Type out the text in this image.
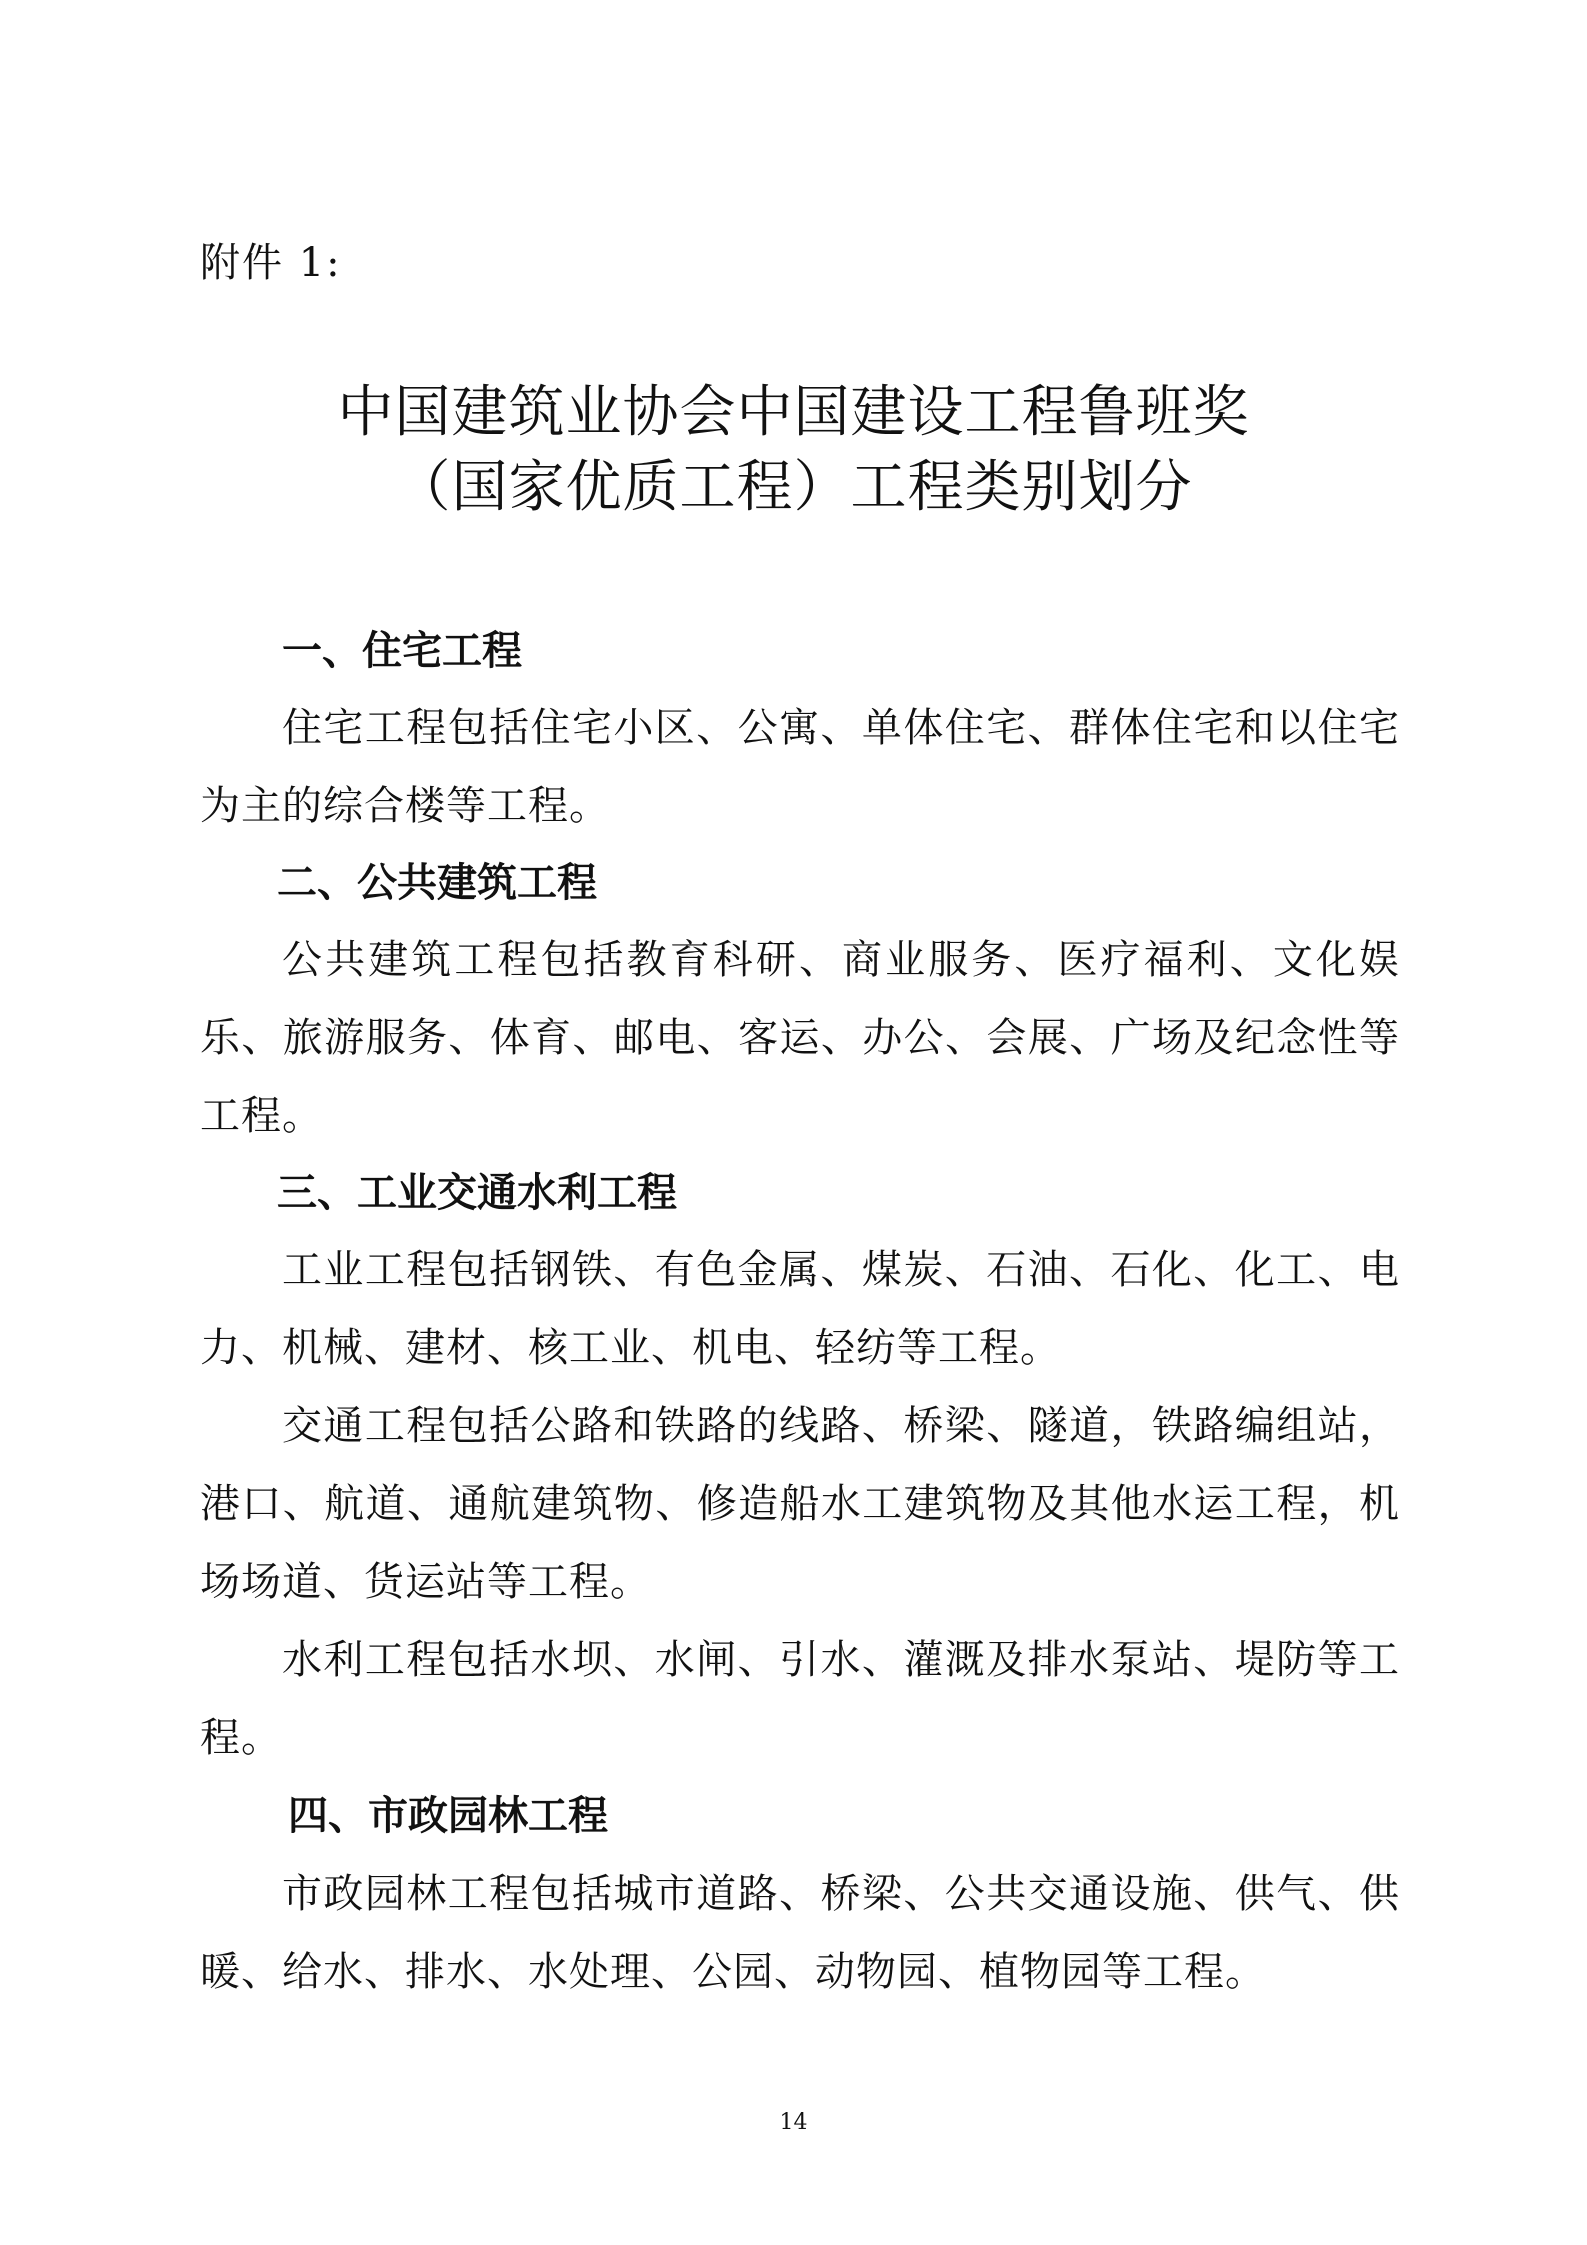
附件 1:
中国建筑业协会中国建设工程鲁班奖
（国家优质工程）工程类别划分
一、住宅工程

住宅工程包括住宅小区、公寓、单体住宅、群体住宅和以住宅为主的综合楼等工程。

二、公共建筑工程

公共建筑工程包括教育科研、商业服务、医疗福利、文化娱乐、旅游服务、体育、邮电、客运、办公、会展、广场及纪念性等工程。

三、工业交通水利工程

工业工程包括钢铁、有色金属、煤炭、石油、石化、化工、电力、机械、建材、核工业、机电、轻纺等工程。

交通工程包括公路和铁路的线路、桥梁、隧道，铁路编组站，港口、航道、通航建筑物、修造船水工建筑物及其他水运工程，机场场道、货运站等工程。

水利工程包括水坝、水闸、引水、灌溉及排水泵站、堤防等工程。

四、市政园林工程

市政园林工程包括城市道路、桥梁、公共交通设施、供气、供暖、给水、排水、水处理、公园、动物园、植物园等工程。

14
